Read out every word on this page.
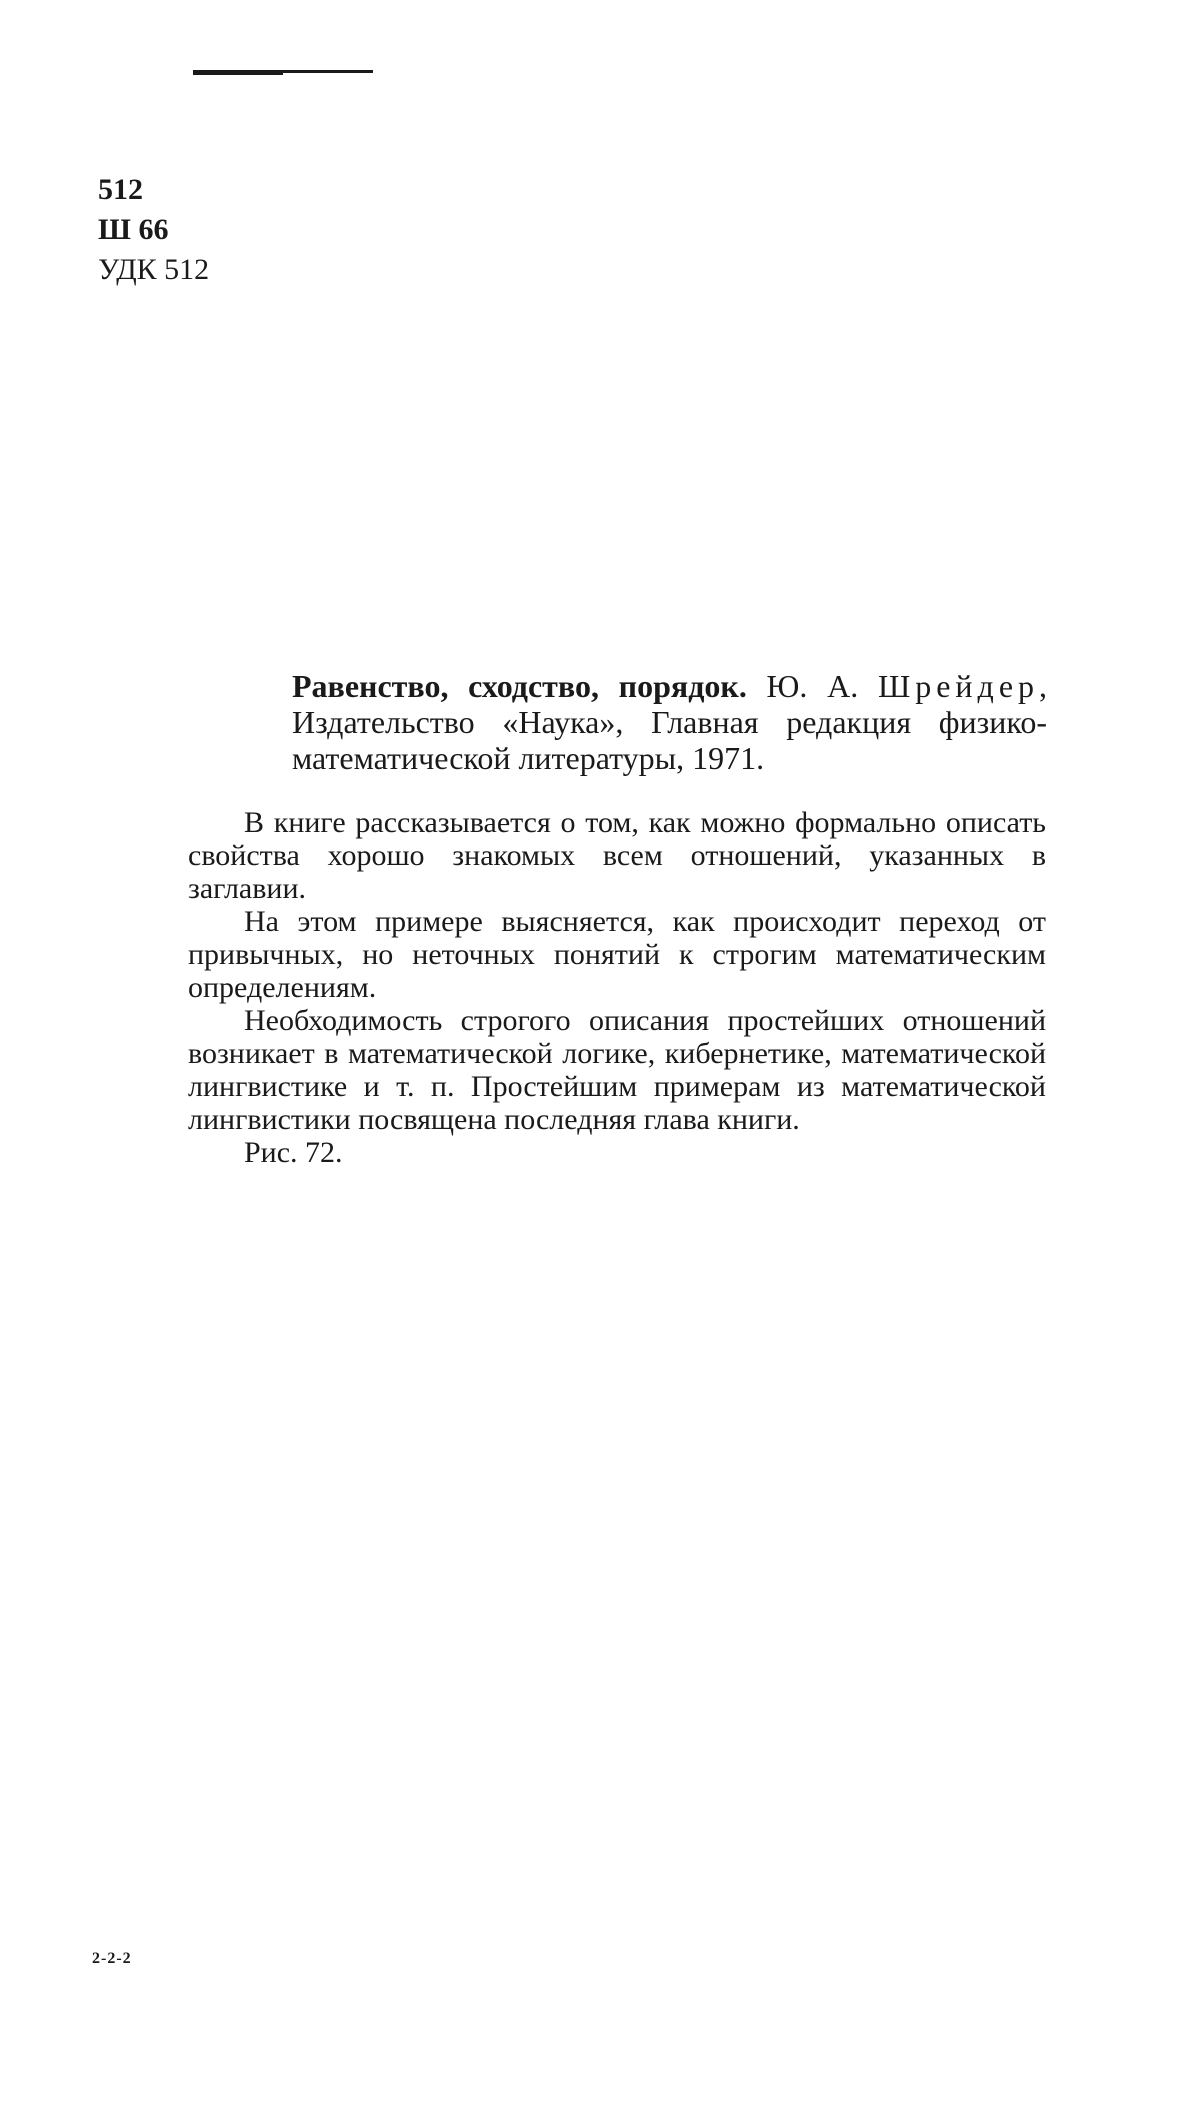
512
Ш 66
УДК 512
Равенство, сходство, порядок. Ю. А. Шрейдер, Издательство «Наука», Главная редакция физико-математической литературы, 1971.

В книге рассказывается о том, как можно формально описать свойства хорошо знакомых всем отношений, указанных в заглавии.

На этом примере выясняется, как происходит переход от привычных, но неточных понятий к строгим математическим определениям.

Необходимость строгого описания простейших отношений возникает в математической логике, кибернетике, математической лингвистике и т. п. Простейшим примерам из математической лингвистики посвящена последняя глава книги.

Рис. 72.

2-2-2
